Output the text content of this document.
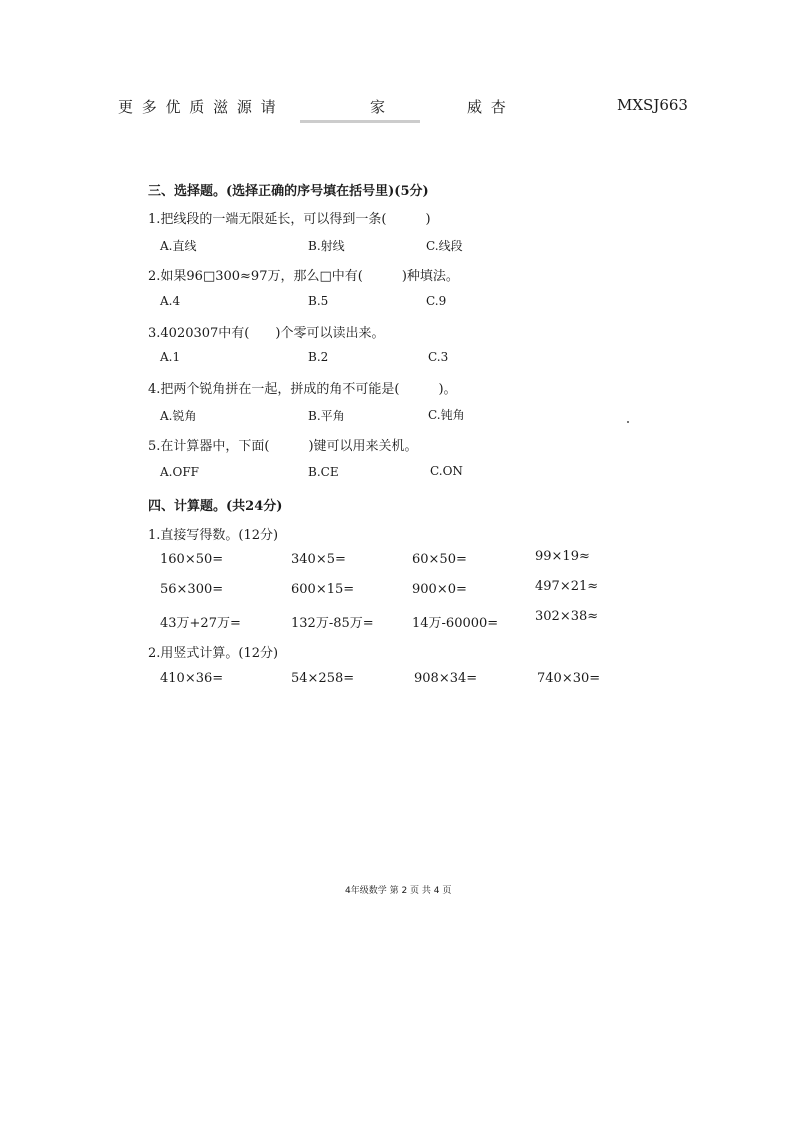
更 多 优 质 滋 源 请	家	威 杏	MXSJ663
三、选择题。(选择正确的序号填在括号里)(5分)
1.把线段的一端无限延长，可以得到一条(　　　)
A.直线	B.射线	C.线段
2.如果96□300≈97万，那么□中有(　　　)种填法。
A.4	B.5	C.9
3.4020307中有(　　)个零可以读出来。
A.1	B.2	C.3
4.把两个锐角拼在一起，拼成的角不可能是(　　　)。
A.锐角	B.平角	C.钝角
5.在计算器中，下面(　　　)键可以用来关机。
A.OFF	B.CE	C.ON
四、计算题。(共24分)
1.直接写得数。(12分)
160×50=	340×5=	60×50=	99×19≈
56×300=	600×15=	900×0=	497×21≈
43万+27万=	132万-85万=	14万-60000=	302×38≈
2.用竖式计算。(12分)
410×36=	54×258=	908×34=	740×30=
4年级数学 第 2 页 共 4 页
